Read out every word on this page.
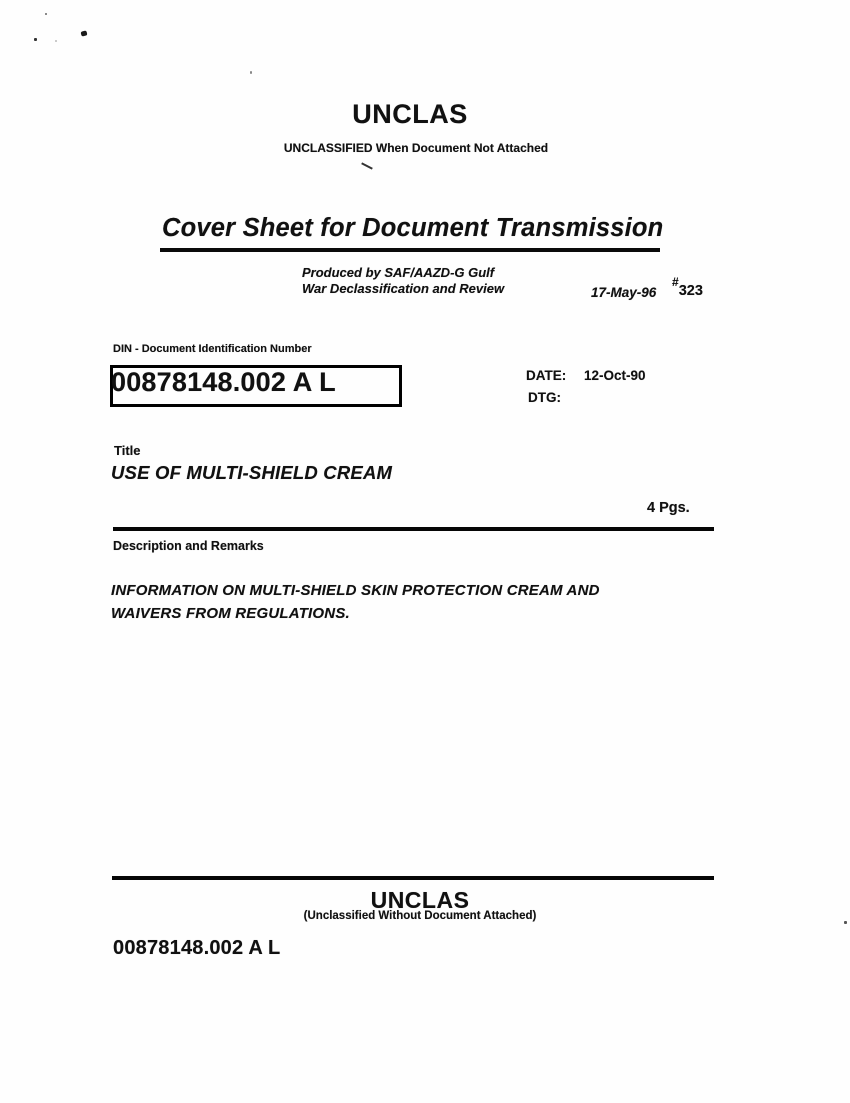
UNCLAS
UNCLASSIFIED When Document Not Attached
Cover Sheet for Document Transmission
Produced by SAF/AAZD-G Gulf
War Declassification and Review	17-May-96
#
323
DIN - Document Identification Number
00878148.002 A L	DATE: 12-Oct-90
DTG:
Title
USE OF MULTI-SHIELD CREAM
4 Pgs.
Description and Remarks
INFORMATION ON MULTI-SHIELD SKIN PROTECTION CREAM AND
WAIVERS FROM REGULATIONS.
UNCLAS
(Unclassified Without Document Attached)
00878148.002 A L
